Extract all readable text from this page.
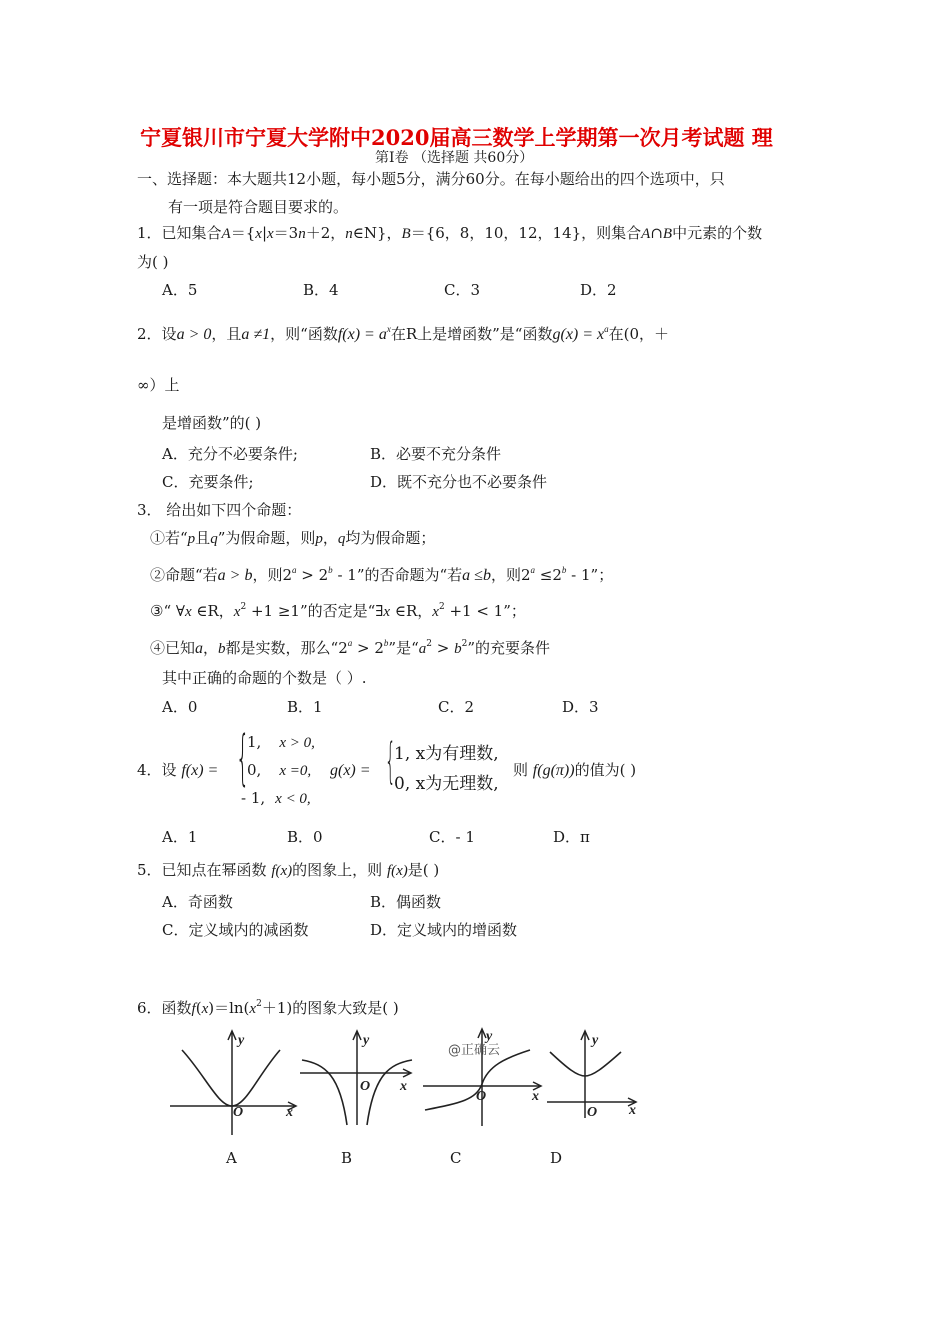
宁夏银川市宁夏大学附中2020届高三数学上学期第一次月考试题 理
第Ⅰ卷 （选择题 共60分）
一、选择题：本大题共12小题，每小题5分，满分60分。在每小题给出的四个选项中，只
有一项是符合题目要求的。
1．已知集合A＝{x|x＝3n＋2，n∈N}，B＝{6，8，10，12，14}，则集合A∩B中元素的个数
为( )
A．5	B．4	C．3	D．2
2．设a > 0，且a ≠1，则“函数$f(x) = a^x$在R上是增函数”是“函数$g(x) = x^a$在(0，＋
∞）上
是增函数”的( )
A．充分不必要条件;	B．必要不充分条件
C．充要条件;	D．既不充分也不必要条件
3． 给出如下四个命题：
①若“p且q”为假命题，则p，q均为假命题；
②命题“若a > b，则$2^a > 2^b - 1$”的否命题为“若a ≤b，则$2^a \le 2^b - 1$”；
③“ ∀x ∈R，$x^2 +1 \ge 1$”的否定是“∃x ∈R，$x^2 +1 < 1$”；
④已知a，b都是实数，那么“$2^a > 2^b$”是“$a^2 > b^2$”的充要条件
其中正确的命题的个数是（ ）.
A．0	B．1	C．2	D．3
4．设 f(x) = {
1, x > 0,
0, x =0,
- 1, x < 0,
g(x) = {
1, x为有理数,
0, x为无理数,
则 f(g(π))的值为( )
A．1	B．0	C．- 1	D．π
5．已知点在幂函数 f(x)的图象上，则 f(x)是( )
A．奇函数	B．偶函数
C．定义域内的减函数	D．定义域内的增函数
6．函数$f(x)=\ln(x^2+1)$的图象大致是( )
y
x
O
y
x
O
y
x
O
@正确云
y
x
O
A	B	C	D
